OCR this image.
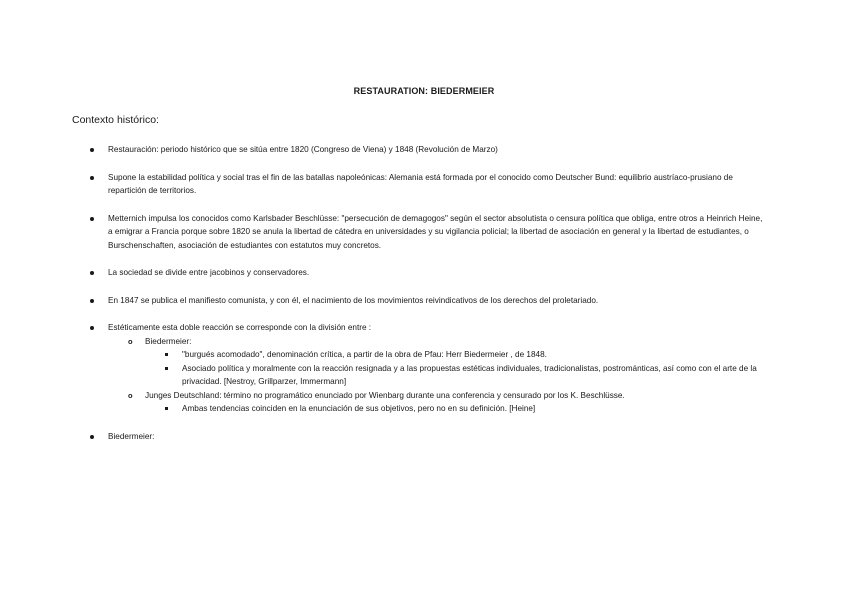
RESTAURATION: BIEDERMEIER
Contexto histórico:
Restauración: periodo histórico que se sitúa entre 1820 (Congreso de Viena) y 1848 (Revolución de Marzo)
Supone la estabilidad política y social tras el fin de las batallas napoleónicas: Alemania está formada por el conocido como Deutscher Bund: equilibrio austríaco-prusiano de repartición de territorios.
Metternich impulsa los conocidos como Karlsbader Beschlüsse: "persecución de demagogos" según el sector absolutista o censura política que obliga, entre otros a Heinrich Heine, a emigrar a Francia porque sobre 1820 se anula la libertad de cátedra en universidades y su vigilancia policial; la libertad de asociación en general y la libertad de estudiantes, o Burschenschaften, asociación de estudiantes con estatutos muy concretos.
La sociedad se divide entre jacobinos y conservadores.
En 1847 se publica el manifiesto comunista, y con él, el nacimiento de los movimientos reivindicativos de los derechos del proletariado.
Estéticamente esta doble reacción se corresponde con la división entre :
o Biedermeier:
"burgués acomodado", denominación crítica, a partir de la obra de Pfau: Herr Biedermeier , de 1848.
Asociado política y moralmente con la reacción resignada y a las propuestas estéticas individuales, tradicionalistas, postrománticas, así como con el arte de la privacidad. [Nestroy, Grillparzer, Immermann]
o Junges Deutschland: término no programático enunciado por Wienbarg durante una conferencia y censurado por los K. Beschlüsse.
Ambas tendencias coinciden en la enunciación de sus objetivos, pero no en su definición. [Heine]
Biedermeier:
